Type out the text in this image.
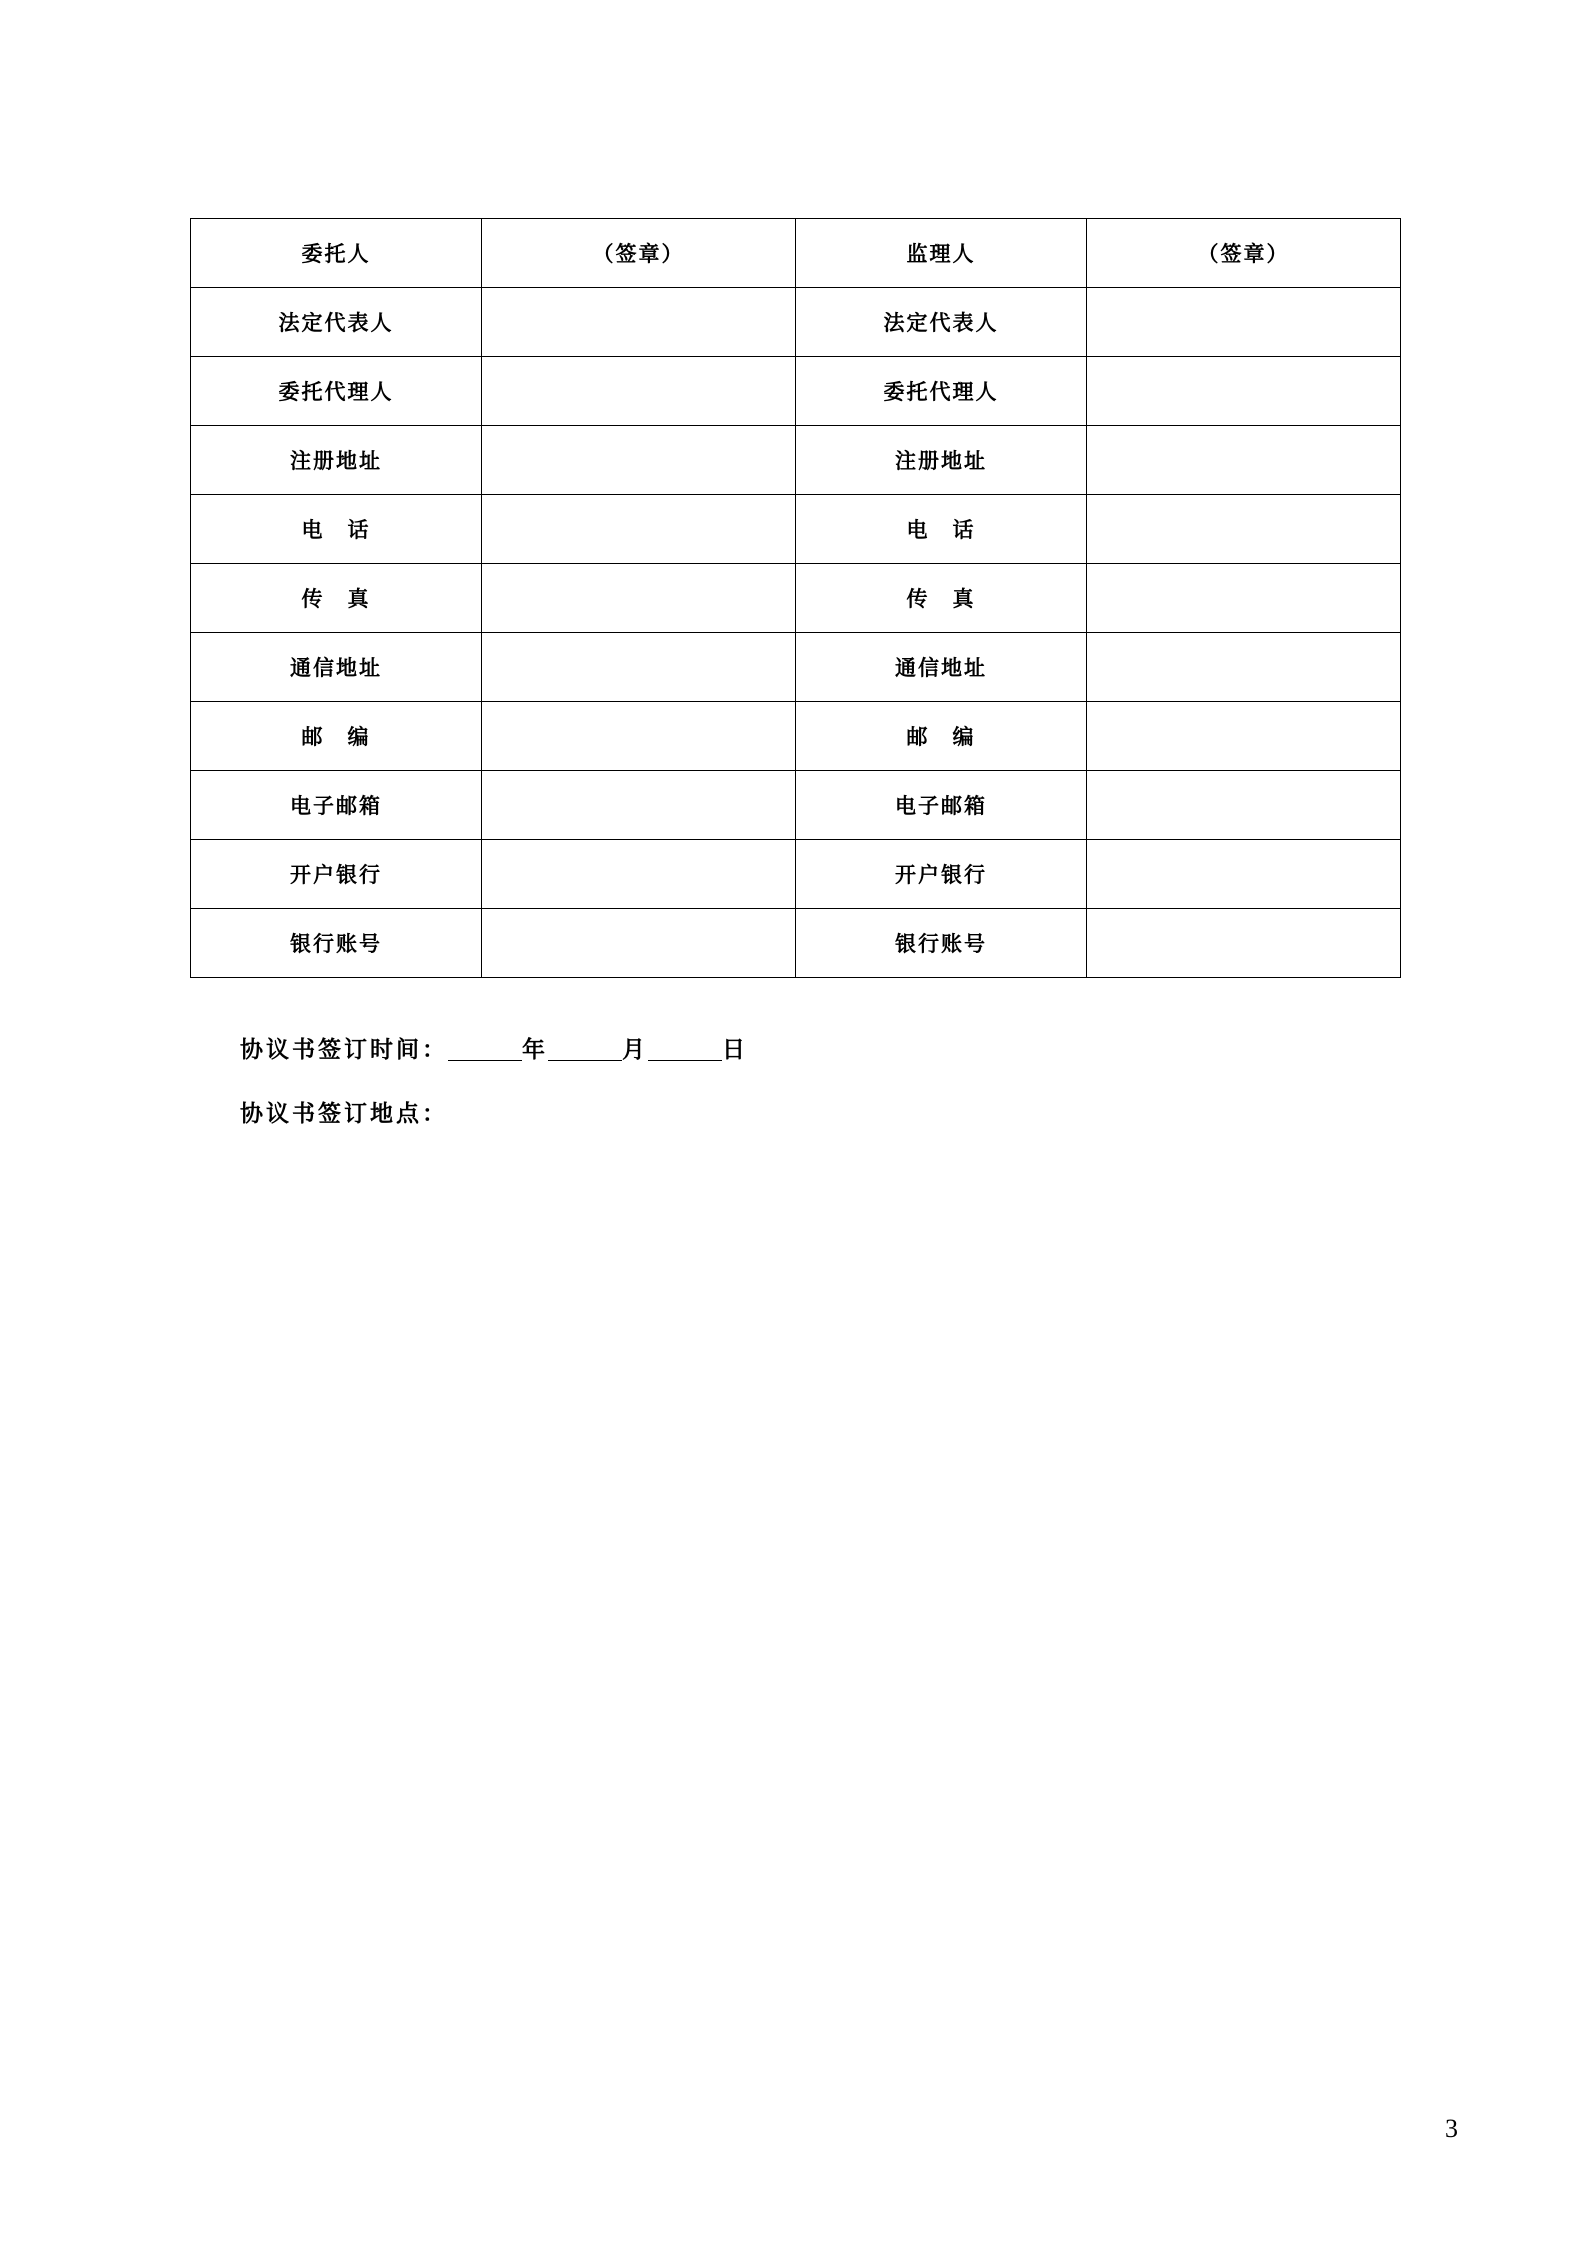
委托人	（签章）	监理人	（签章）
法定代表人		法定代表人	
委托代理人		委托代理人	
注册地址		注册地址	
电　话		电　话	
传　真		传　真	
通信地址		通信地址	
邮　编		邮　编	
电子邮箱		电子邮箱	
开户银行		开户银行	
银行账号		银行账号	
协议书签订时间：	年	月	日
协议书签订地点：
3
